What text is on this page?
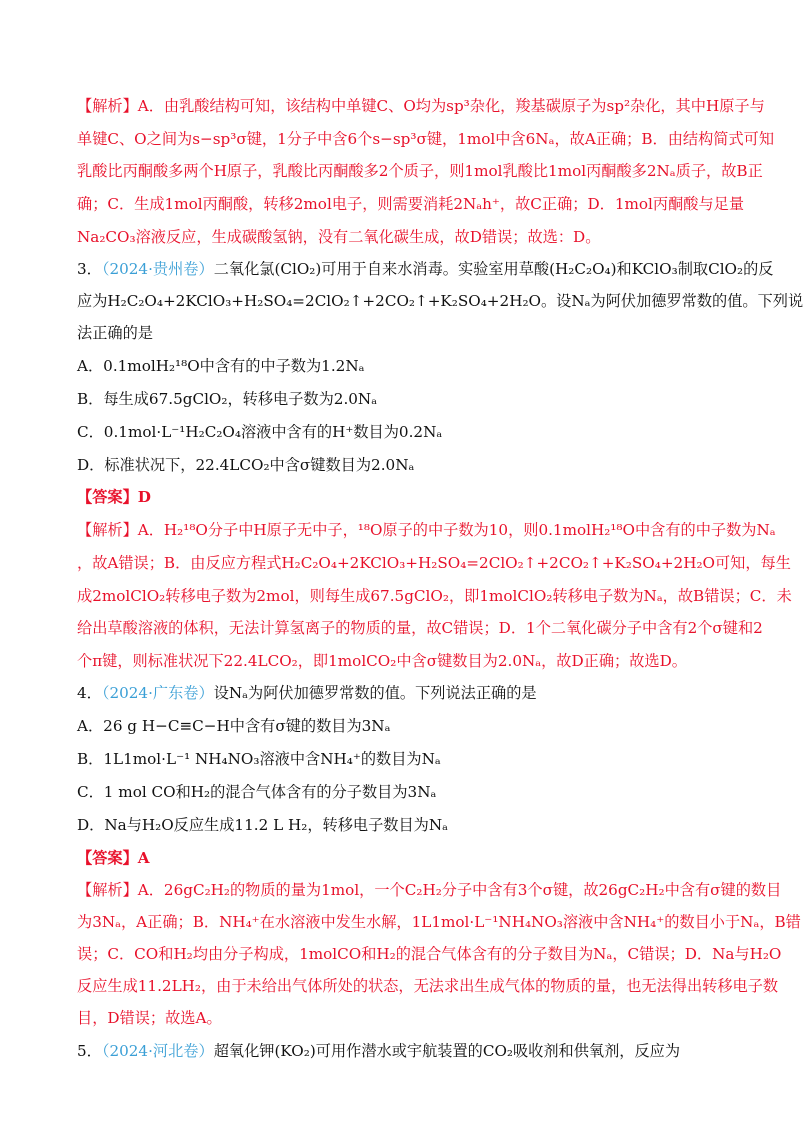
【解析】A．由乳酸结构可知，该结构中单键C、O均为sp³杂化，羧基碳原子为sp²杂化，其中H原子与
单键C、O之间为s−sp³σ键，1分子中含6个s−sp³σ键，1mol中含6Nₐ，故A正确；B．由结构简式可知
乳酸比丙酮酸多两个H原子，乳酸比丙酮酸多2个质子，则1mol乳酸比1mol丙酮酸多2Nₐ质子，故B正
确；C．生成1mol丙酮酸，转移2mol电子，则需要消耗2Nₐh⁺，故C正确；D．1mol丙酮酸与足量
Na₂CO₃溶液反应，生成碳酸氢钠，没有二氧化碳生成，故D错误；故选：D。
3．（2024·贵州卷）二氧化氯(ClO₂)可用于自来水消毒。实验室用草酸(H₂C₂O₄)和KClO₃制取ClO₂的反
应为H₂C₂O₄+2KClO₃+H₂SO₄=2ClO₂↑+2CO₂↑+K₂SO₄+2H₂O。设Nₐ为阿伏加德罗常数的值。下列说
法正确的是
A．0.1molH₂¹⁸O中含有的中子数为1.2Nₐ
B．每生成67.5gClO₂，转移电子数为2.0Nₐ
C．0.1mol·L⁻¹H₂C₂O₄溶液中含有的H⁺数目为0.2Nₐ
D．标准状况下，22.4LCO₂中含σ键数目为2.0Nₐ
【答案】D
【解析】A．H₂¹⁸O分子中H原子无中子，¹⁸O原子的中子数为10，则0.1molH₂¹⁸O中含有的中子数为Nₐ
，故A错误；B．由反应方程式H₂C₂O₄+2KClO₃+H₂SO₄=2ClO₂↑+2CO₂↑+K₂SO₄+2H₂O可知，每生
成2molClO₂转移电子数为2mol，则每生成67.5gClO₂，即1molClO₂转移电子数为Nₐ，故B错误；C．未
给出草酸溶液的体积，无法计算氢离子的物质的量，故C错误；D．1个二氧化碳分子中含有2个σ键和2
个π键，则标准状况下22.4LCO₂，即1molCO₂中含σ键数目为2.0Nₐ，故D正确；故选D。
4．（2024·广东卷）设Nₐ为阿伏加德罗常数的值。下列说法正确的是
A．26 g H−C≡C−H中含有σ键的数目为3Nₐ
B．1L1mol·L⁻¹ NH₄NO₃溶液中含NH₄⁺的数目为Nₐ
C．1 mol CO和H₂的混合气体含有的分子数目为3Nₐ
D．Na与H₂O反应生成11.2 L H₂，转移电子数目为Nₐ
【答案】A
【解析】A．26gC₂H₂的物质的量为1mol，一个C₂H₂分子中含有3个σ键，故26gC₂H₂中含有σ键的数目
为3Nₐ，A正确；B．NH₄⁺在水溶液中发生水解，1L1mol·L⁻¹NH₄NO₃溶液中含NH₄⁺的数目小于Nₐ，B错
误；C．CO和H₂均由分子构成，1molCO和H₂的混合气体含有的分子数目为Nₐ，C错误；D．Na与H₂O
反应生成11.2LH₂，由于未给出气体所处的状态，无法求出生成气体的物质的量，也无法得出转移电子数
目，D错误；故选A。
5．（2024·河北卷）超氧化钾(KO₂)可用作潜水或宇航装置的CO₂吸收剂和供氧剂，反应为
